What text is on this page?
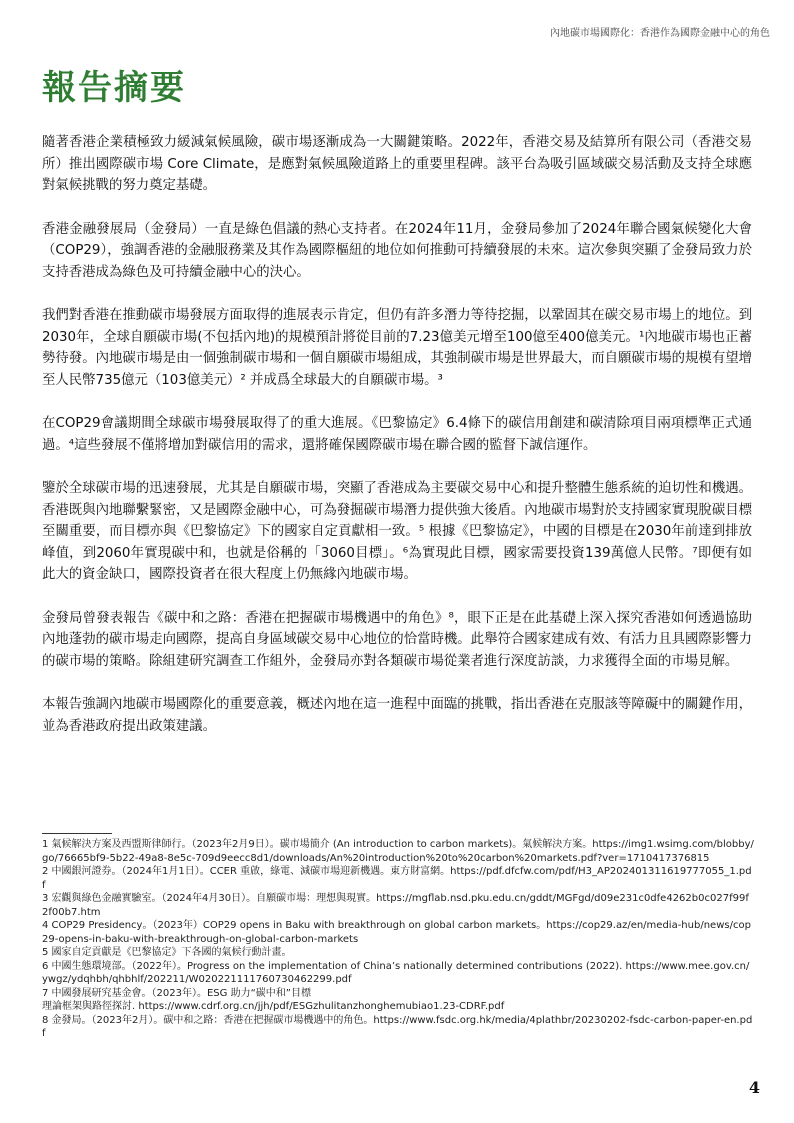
內地碳市場國際化：香港作為國際金融中心的角色
報告摘要

隨著香港企業積極致力緩減氣候風險，碳市場逐漸成為一大關鍵策略。2022年，香港交易及結算所有限公司（香港交易所）推出國際碳市場 Core Climate，是應對氣候風險道路上的重要里程碑。該平台為吸引區域碳交易活動及支持全球應對氣候挑戰的努力奠定基礎。

香港金融發展局（金發局）一直是綠色倡議的熱心支持者。在2024年11月，金發局參加了2024年聯合國氣候變化大會（COP29），強調香港的金融服務業及其作為國際樞紐的地位如何推動可持續發展的未來。這次參與突顯了金發局致力於支持香港成為綠色及可持續金融中心的決心。

我們對香港在推動碳市場發展方面取得的進展表示肯定，但仍有許多潛力等待挖掘，以鞏固其在碳交易市場上的地位。到2030年，全球自願碳市場(不包括內地)的規模預計將從目前的7.23億美元增至100億至400億美元。¹內地碳市場也正蓄勢待發。內地碳市場是由一個強制碳市場和一個自願碳市場組成，其強制碳市場是世界最大，而自願碳市場的規模有望增至人民幣735億元（103億美元）² 并成爲全球最大的自願碳市場。³

在COP29會議期間全球碳市場發展取得了的重大進展。《巴黎協定》6.4條下的碳信用創建和碳清除項目兩項標準正式通過。⁴這些發展不僅將增加對碳信用的需求，還將確保國際碳市場在聯合國的監督下誠信運作。

鑒於全球碳市場的迅速發展，尤其是自願碳市場，突顯了香港成為主要碳交易中心和提升整體生態系統的迫切性和機遇。香港既與內地聯繫緊密，又是國際金融中心，可為發掘碳市場潛力提供強大後盾。內地碳市場對於支持國家實現脫碳目標至關重要，而目標亦與《巴黎協定》下的國家自定貢獻相一致。⁵ 根據《巴黎協定》，中國的目標是在2030年前達到排放峰值，到2060年實現碳中和，也就是俗稱的「3060目標」。⁶為實現此目標，國家需要投資139萬億人民幣。⁷即便有如此大的資金缺口，國際投資者在很大程度上仍無緣內地碳市場。

金發局曾發表報告《碳中和之路：香港在把握碳市場機遇中的角色》⁸，眼下正是在此基礎上深入探究香港如何透過協助內地蓬勃的碳市場走向國際，提高自身區域碳交易中心地位的恰當時機。此舉符合國家建成有效、有活力且具國際影響力的碳市場的策略。除組建研究調查工作組外，金發局亦對各類碳市場從業者進行深度訪談，力求獲得全面的市場見解。

本報告強調內地碳市場國際化的重要意義，概述內地在這一進程中面臨的挑戰，指出香港在克服該等障礙中的關鍵作用，並為香港政府提出政策建議。

1 氣候解決方案及西盟斯律師行。（2023年2月9日）。碳市場簡介 (An introduction to carbon markets)。氣候解決方案。https://img1.wsimg.com/blobby/go/76665bf9-5b22-49a8-8e5c-709d9eecc8d1/downloads/An%20introduction%20to%20carbon%20markets.pdf?ver=1710417376815

2 中國銀河證券。（2024年1月1日）。CCER 重啟，綠電、減碳市場迎新機遇。東方財富網。https://pdf.dfcfw.com/pdf/H3_AP202401311619777055_1.pdf

3 宏觀與綠色金融實驗室。（2024年4月30日）。自願碳市場：理想與現實。https://mgflab.nsd.pku.edu.cn/gddt/MGFgd/d09e231c0dfe4262b0c027f99f2f00b7.htm

4 COP29 Presidency。（2023年）COP29 opens in Baku with breakthrough on global carbon markets。https://cop29.az/en/media-hub/news/cop29-opens-in-baku-with-breakthrough-on-global-carbon-markets

5 國家自定貢獻是《巴黎協定》下各國的氣候行動計畫。

6 中國生態環境部。（2022年）。Progress on the implementation of China’s nationally determined contributions (2022). https://www.mee.gov.cn/ywgz/ydqhbh/qhbhlf/202211/W020221111760730462299.pdf

7 中國發展研究基金會。（2023年）。ESG 助力“碳中和”目標

理論框架與路徑探討. https://www.cdrf.org.cn/jjh/pdf/ESGzhulitanzhonghemubiao1.23-CDRF.pdf

8 金發局。（2023年2月）。碳中和之路：香港在把握碳市場機遇中的角色。https://www.fsdc.org.hk/media/4plathbr/20230202-fsdc-carbon-paper-en.pdf

4
